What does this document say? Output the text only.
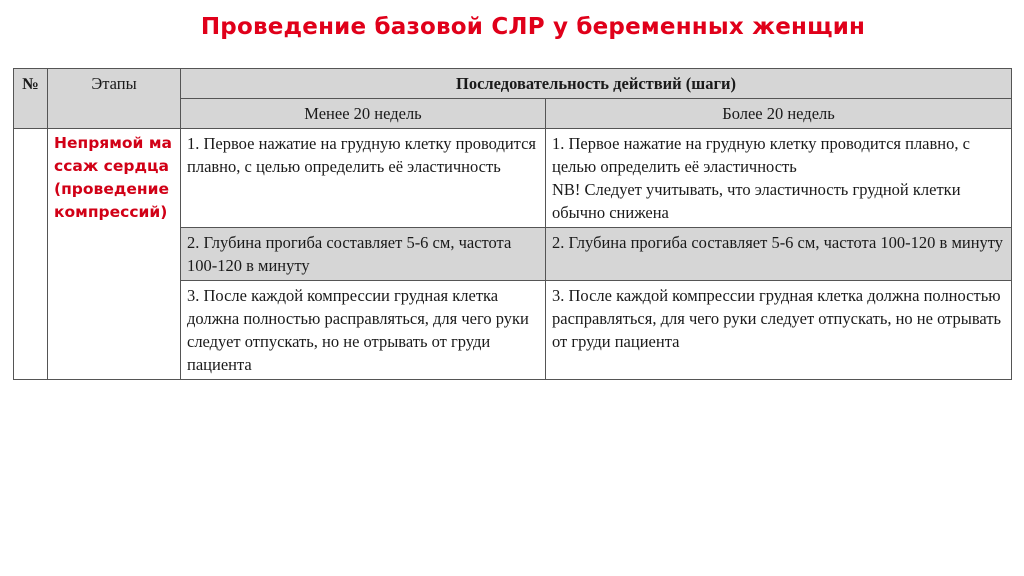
Проведение базовой СЛР у беременных женщин
№	Этапы	Последовательность действий (шаги)	
		Менее 20 недель	Более 20 недель
	Непрямой массаж сердца (проведение компрессий)	1. Первое нажатие на грудную клетку проводится плавно, с целью определить её эластичность	1. Первое нажатие на грудную клетку проводится плавно, с целью определить её эластичность
NB! Следует учитывать, что эластичность грудной клетки обычно снижена
		2. Глубина прогиба составляет 5-6 см, частота 100-120 в минуту	2. Глубина прогиба составляет 5-6 см, частота 100-120 в минуту
		3. После каждой компрессии грудная клетка должна полностью расправляться, для чего руки следует отпускать, но не отрывать от груди пациента	3. После каждой компрессии грудная клетка должна полностью расправляться, для чего руки следует отпускать, но не отрывать от груди пациента
